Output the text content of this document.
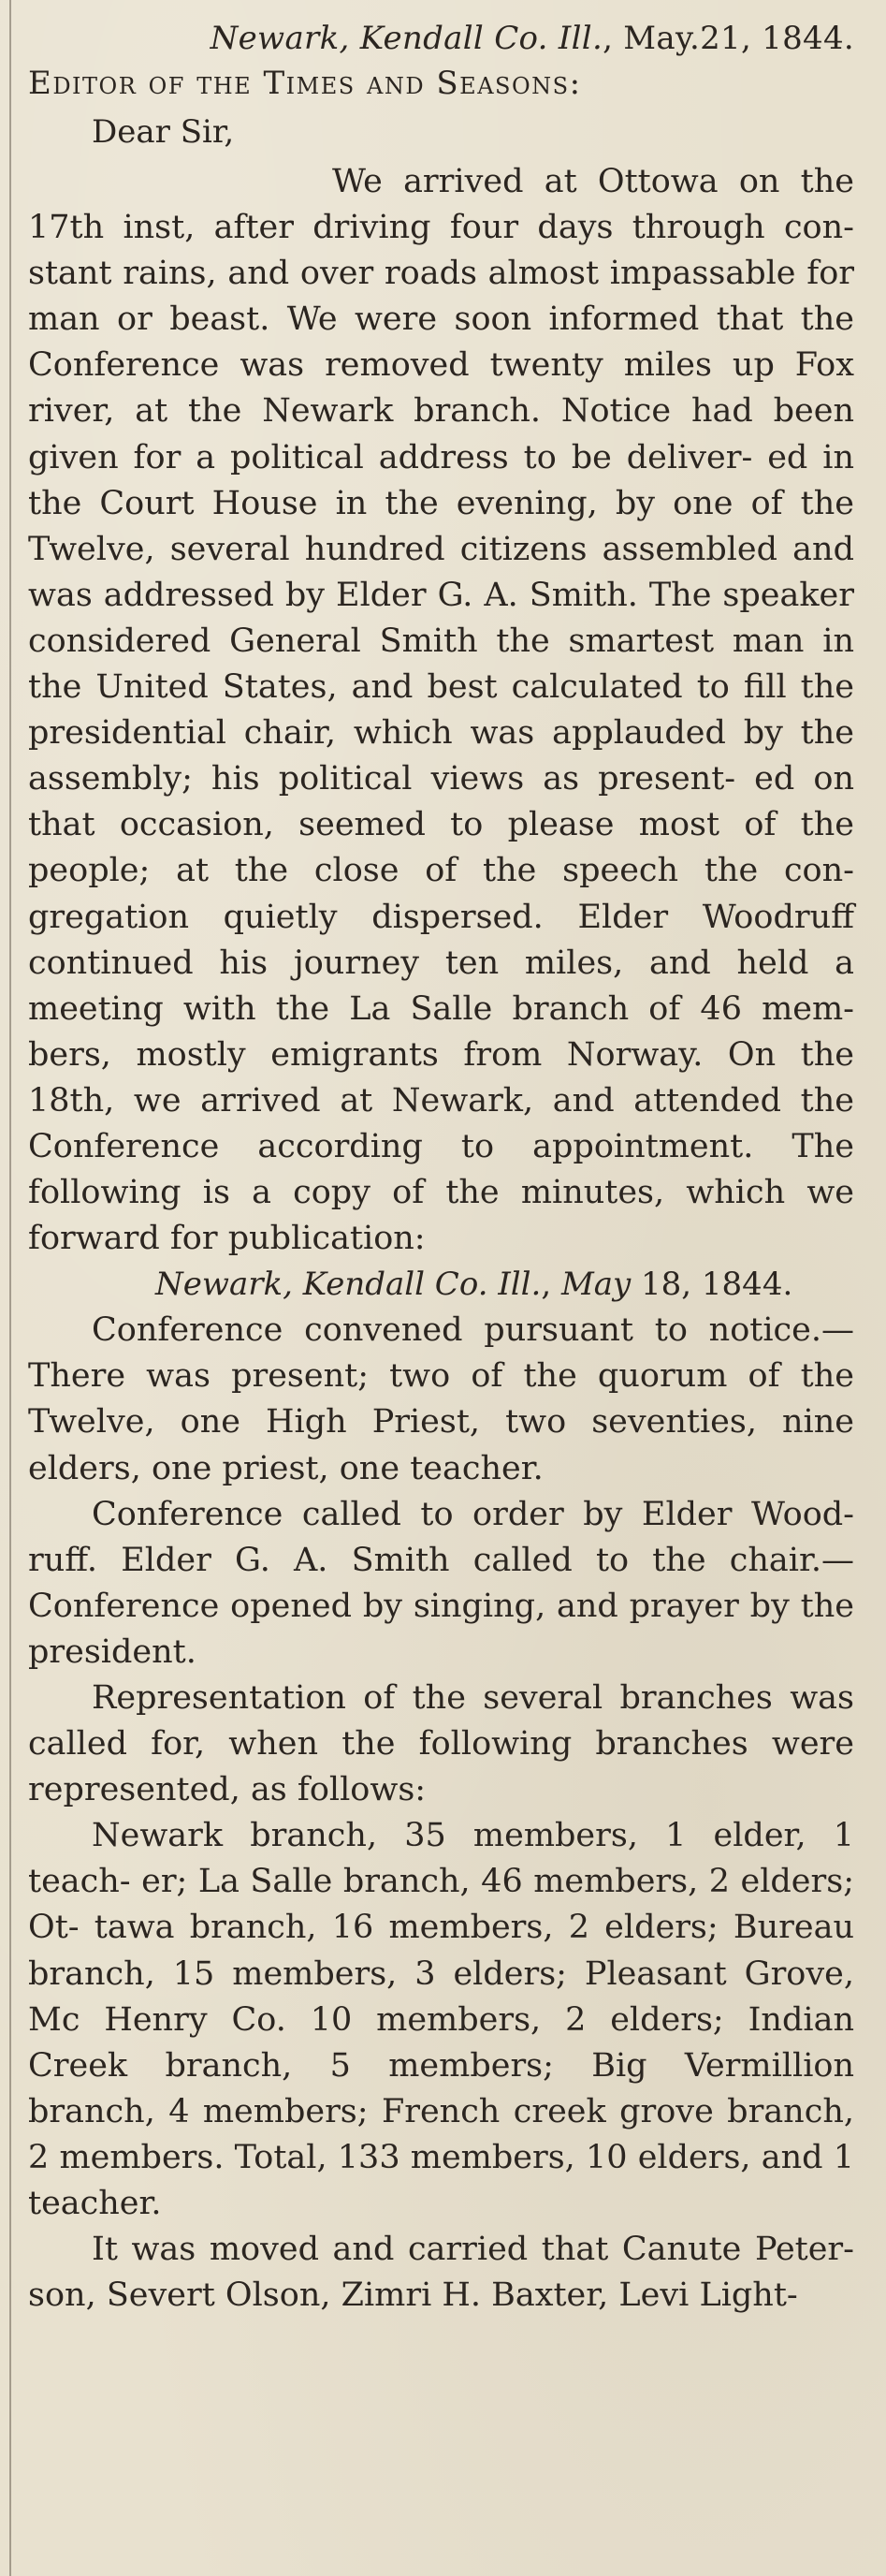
Newark, Kendall Co. Ill., May.21, 1844.
Editor of the Times and Seasons:
Dear Sir,

We arrived at Ottowa on the 17th inst, after driving four days through con- stant rains, and over roads almost impassable for man or beast. We were soon informed that the Conference was removed twenty miles up Fox river, at the Newark branch. Notice had been given for a political address to be deliver- ed in the Court House in the evening, by one of the Twelve, several hundred citizens assembled and was addressed by Elder G. A. Smith. The speaker considered General Smith the smartest man in the United States, and best calculated to fill the presidential chair, which was applauded by the assembly; his political views as present- ed on that occasion, seemed to please most of the people; at the close of the speech the con- gregation quietly dispersed. Elder Woodruff continued his journey ten miles, and held a meeting with the La Salle branch of 46 mem- bers, mostly emigrants from Norway. On the 18th, we arrived at Newark, and attended the Conference according to appointment. The following is a copy of the minutes, which we forward for publication:

Newark, Kendall Co. Ill., May 18, 1844.

Conference convened pursuant to notice.— There was present; two of the quorum of the Twelve, one High Priest, two seventies, nine elders, one priest, one teacher.

Conference called to order by Elder Wood- ruff. Elder G. A. Smith called to the chair.— Conference opened by singing, and prayer by the president.

Representation of the several branches was called for, when the following branches were represented, as follows:

Newark branch, 35 members, 1 elder, 1 teach- er; La Salle branch, 46 members, 2 elders; Ot- tawa branch, 16 members, 2 elders; Bureau branch, 15 members, 3 elders; Pleasant Grove, Mc Henry Co. 10 members, 2 elders; Indian Creek branch, 5 members; Big Vermillion branch, 4 members; French creek grove branch, 2 members. Total, 133 members, 10 elders, and 1 teacher.

It was moved and carried that Canute Peter- son, Severt Olson, Zimri H. Baxter, Levi Light-
